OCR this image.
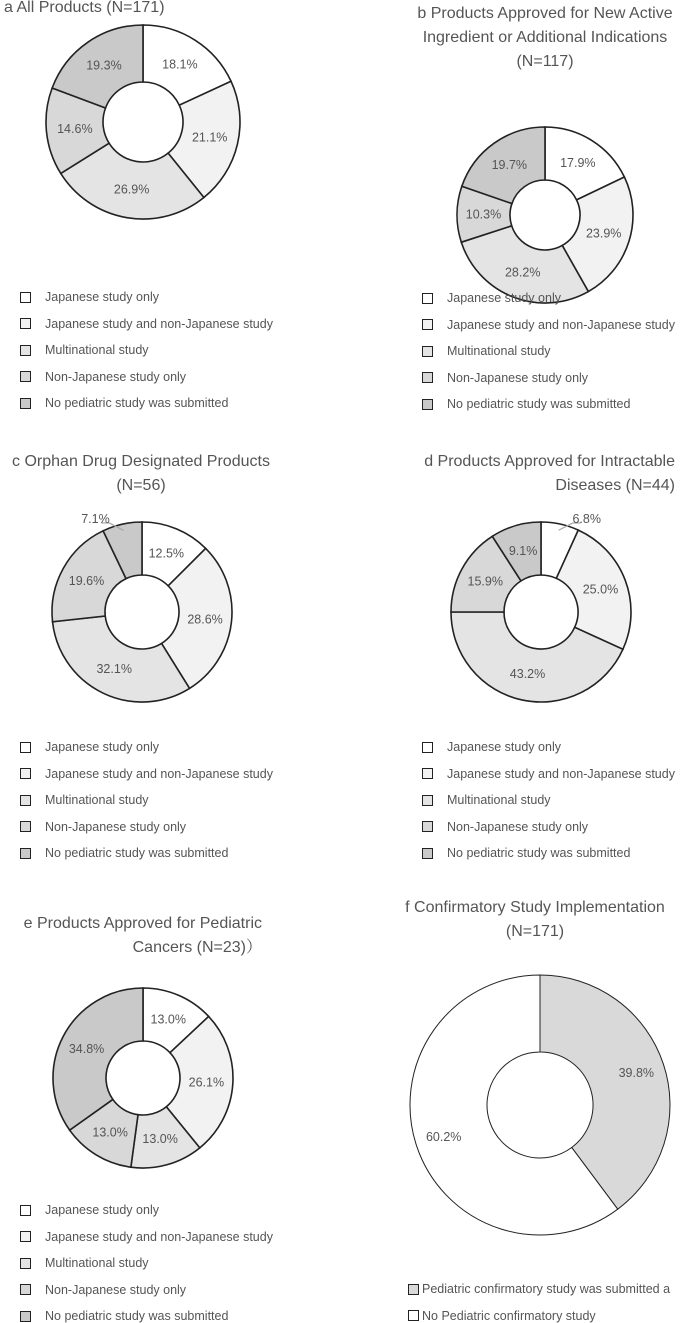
a All Products (N=171)
18.1%
21.1%
26.9%
14.6%
19.3%
Japanese study only
Japanese study and non-Japanese study
Multinational study
Non-Japanese study only
No pediatric study was submitted
b Products Approved for New Active
Ingredient or Additional Indications
(N=117)
17.9%
23.9%
28.2%
10.3%
19.7%
Japanese study only
Japanese study and non-Japanese study
Multinational study
Non-Japanese study only
No pediatric study was submitted
c Orphan Drug Designated Products
(N=56)
12.5%
28.6%
32.1%
19.6%
7.1%
Japanese study only
Japanese study and non-Japanese study
Multinational study
Non-Japanese study only
No pediatric study was submitted
d Products Approved for Intractable
Diseases (N=44)
6.8%
25.0%
43.2%
15.9%
9.1%
Japanese study only
Japanese study and non-Japanese study
Multinational study
Non-Japanese study only
No pediatric study was submitted
e Products Approved for Pediatric
Cancers (N=23)）
13.0%
26.1%
13.0%
13.0%
34.8%
Japanese study only
Japanese study and non-Japanese study
Multinational study
Non-Japanese study only
No pediatric study was submitted
f Confirmatory Study Implementation
(N=171)
39.8%
60.2%
Pediatric confirmatory study was submitted a
No Pediatric confirmatory study
